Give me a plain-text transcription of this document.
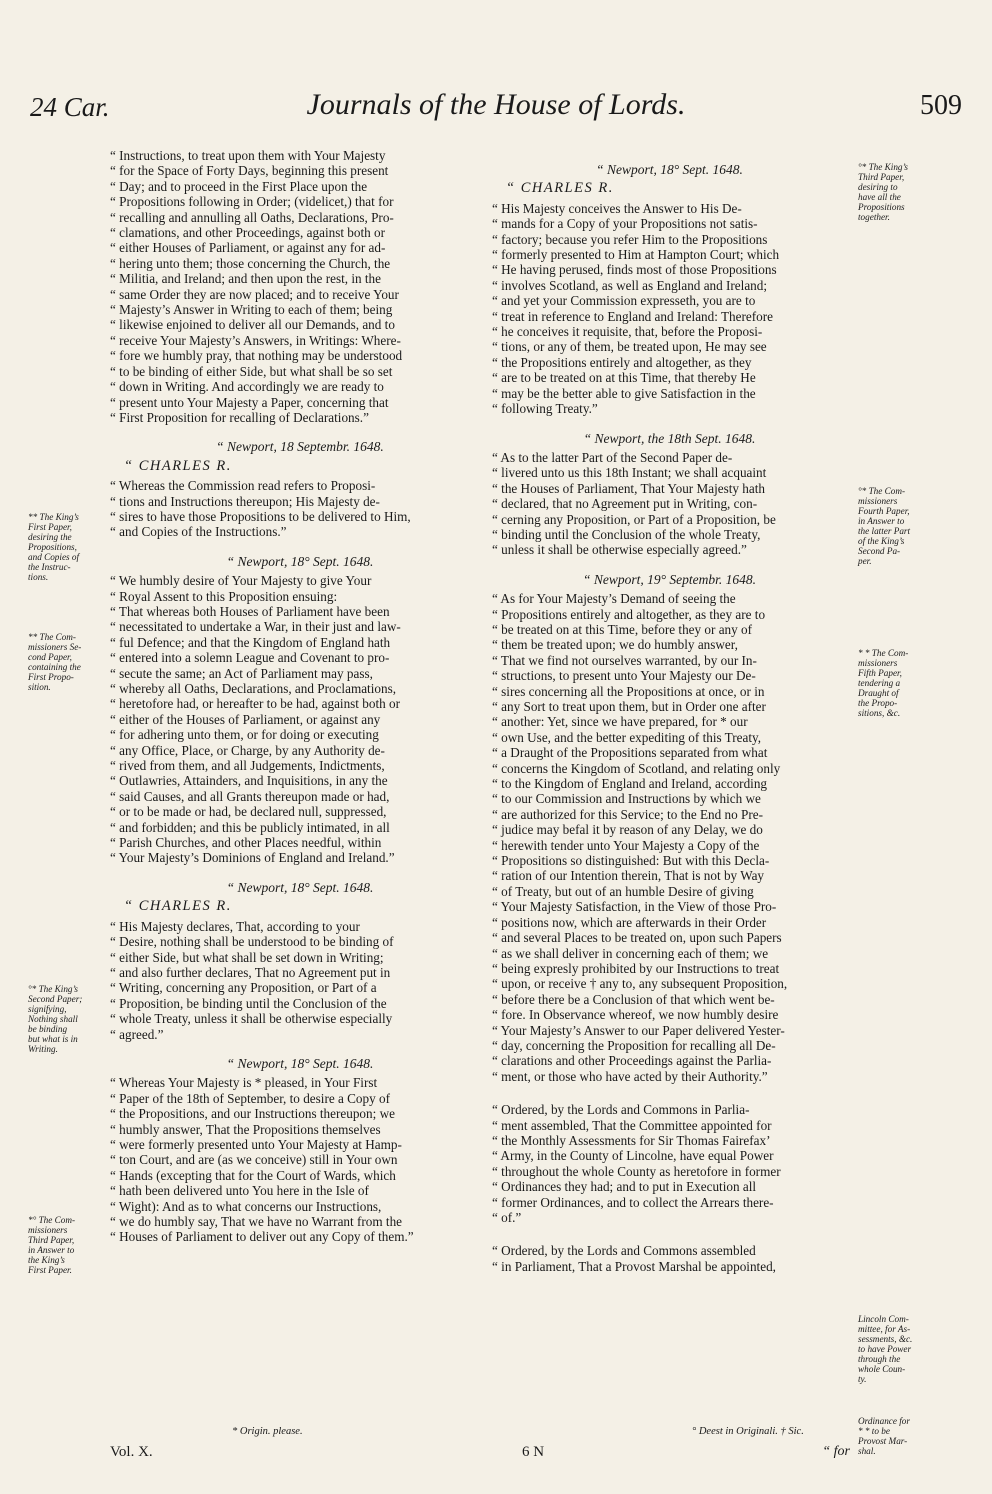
24 Car.	Journals of the House of Lords.	509
“ Instructions, to treat upon them with Your Majesty
“ for the Space of Forty Days, beginning this present
“ Day; and to proceed in the First Place upon the
“ Propositions following in Order; (videlicet,) that for
“ recalling and annulling all Oaths, Declarations, Pro-
“ clamations, and other Proceedings, against both or
“ either Houses of Parliament, or against any for ad-
“ hering unto them; those concerning the Church, the
“ Militia, and Ireland; and then upon the rest, in the
“ same Order they are now placed; and to receive Your
“ Majesty’s Answer in Writing to each of them; being
“ likewise enjoined to deliver all our Demands, and to
“ receive Your Majesty’s Answers, in Writings: Where-
“ fore we humbly pray, that nothing may be understood
“ to be binding of either Side, but what shall be so set
“ down in Writing. And accordingly we are ready to
“ present unto Your Majesty a Paper, concerning that
“ First Proposition for recalling of Declarations.”
“ Newport, 18 Septembr. 1648.
“ CHARLES R.
“ Whereas the Commission read refers to Proposi-
“ tions and Instructions thereupon; His Majesty de-
“ sires to have those Propositions to be delivered to Him,
“ and Copies of the Instructions.”
“ Newport, 18° Sept. 1648.
“ We humbly desire of Your Majesty to give Your
“ Royal Assent to this Proposition ensuing:
“ That whereas both Houses of Parliament have been
“ necessitated to undertake a War, in their just and law-
“ ful Defence; and that the Kingdom of England hath
“ entered into a solemn League and Covenant to pro-
“ secute the same; an Act of Parliament may pass,
“ whereby all Oaths, Declarations, and Proclamations,
“ heretofore had, or hereafter to be had, against both or
“ either of the Houses of Parliament, or against any
“ for adhering unto them, or for doing or executing
“ any Office, Place, or Charge, by any Authority de-
“ rived from them, and all Judgements, Indictments,
“ Outlawries, Attainders, and Inquisitions, in any the
“ said Causes, and all Grants thereupon made or had,
“ or to be made or had, be declared null, suppressed,
“ and forbidden; and this be publicly intimated, in all
“ Parish Churches, and other Places needful, within
“ Your Majesty’s Dominions of England and Ireland.”
“ Newport, 18° Sept. 1648.
“ CHARLES R.
“ His Majesty declares, That, according to your
“ Desire, nothing shall be understood to be binding of
“ either Side, but what shall be set down in Writing;
“ and also further declares, That no Agreement put in
“ Writing, concerning any Proposition, or Part of a
“ Proposition, be binding until the Conclusion of the
“ whole Treaty, unless it shall be otherwise especially
“ agreed.”
“ Newport, 18° Sept. 1648.
“ Whereas Your Majesty is * pleased, in Your First
“ Paper of the 18th of September, to desire a Copy of
“ the Propositions, and our Instructions thereupon; we
“ humbly answer, That the Propositions themselves
“ were formerly presented unto Your Majesty at Hamp-
“ ton Court, and are (as we conceive) still in Your own
“ Hands (excepting that for the Court of Wards, which
“ hath been delivered unto You here in the Isle of
“ Wight): And as to what concerns our Instructions,
“ we do humbly say, That we have no Warrant from the
“ Houses of Parliament to deliver out any Copy of them.”
“ Newport, 18° Sept. 1648.
“ CHARLES R.
“ His Majesty conceives the Answer to His De-
“ mands for a Copy of your Propositions not satis-
“ factory; because you refer Him to the Propositions
“ formerly presented to Him at Hampton Court; which
“ He having perused, finds most of those Propositions
“ involves Scotland, as well as England and Ireland;
“ and yet your Commission expresseth, you are to
“ treat in reference to England and Ireland: Therefore
“ he conceives it requisite, that, before the Proposi-
“ tions, or any of them, be treated upon, He may see
“ the Propositions entirely and altogether, as they
“ are to be treated on at this Time, that thereby He
“ may be the better able to give Satisfaction in the
“ following Treaty.”
“ Newport, the 18th Sept. 1648.
“ As to the latter Part of the Second Paper de-
“ livered unto us this 18th Instant; we shall acquaint
“ the Houses of Parliament, That Your Majesty hath
“ declared, that no Agreement put in Writing, con-
“ cerning any Proposition, or Part of a Proposition, be
“ binding until the Conclusion of the whole Treaty,
“ unless it shall be otherwise especially agreed.”
“ Newport, 19° Septembr. 1648.
“ As for Your Majesty’s Demand of seeing the
“ Propositions entirely and altogether, as they are to
“ be treated on at this Time, before they or any of
“ them be treated upon; we do humbly answer,
“ That we find not ourselves warranted, by our In-
“ structions, to present unto Your Majesty our De-
“ sires concerning all the Propositions at once, or in
“ any Sort to treat upon them, but in Order one after
“ another: Yet, since we have prepared, for * our
“ own Use, and the better expediting of this Treaty,
“ a Draught of the Propositions separated from what
“ concerns the Kingdom of Scotland, and relating only
“ to the Kingdom of England and Ireland, according
“ to our Commission and Instructions by which we
“ are authorized for this Service; to the End no Pre-
“ judice may befal it by reason of any Delay, we do
“ herewith tender unto Your Majesty a Copy of the
“ Propositions so distinguished: But with this Decla-
“ ration of our Intention therein, That is not by Way
“ of Treaty, but out of an humble Desire of giving
“ Your Majesty Satisfaction, in the View of those Pro-
“ positions now, which are afterwards in their Order
“ and several Places to be treated on, upon such Papers
“ as we shall deliver in concerning each of them; we
“ being expresly prohibited by our Instructions to treat
“ upon, or receive † any to, any subsequent Proposition,
“ before there be a Conclusion of that which went be-
“ fore. In Observance whereof, we now humbly desire
“ Your Majesty’s Answer to our Paper delivered Yester-
“ day, concerning the Proposition for recalling all De-
“ clarations and other Proceedings against the Parlia-
“ ment, or those who have acted by their Authority.”
“ Ordered, by the Lords and Commons in Parlia-
“ ment assembled, That the Committee appointed for
“ the Monthly Assessments for Sir Thomas Fairefax’
“ Army, in the County of Lincolne, have equal Power
“ throughout the whole County as heretofore in former
“ Ordinances they had; and to put in Execution all
“ former Ordinances, and to collect the Arrears there-
“ of.”
“ Ordered, by the Lords and Commons assembled
“ in Parliament, That a Provost Marshal be appointed,
** The King’s
First Paper,
desiring the
Propositions,
and Copies of
the Instruc-
tions.
** The Com-
missioners Se-
cond Paper,
containing the
First Propo-
sition.
°* The King’s
Second Paper;
signifying,
Nothing shall
be binding
but what is in
Writing.
*° The Com-
missioners
Third Paper,
in Answer to
the King’s
First Paper.
°* The King’s
Third Paper,
desiring to
have all the
Propositions
together.
°* The Com-
missioners
Fourth Paper,
in Answer to
the latter Part
of the King’s
Second Pa-
per.
* * The Com-
missioners
Fifth Paper,
tendering a
Draught of
the Propo-
sitions, &c.
Lincoln Com-
mittee, for As-
sessments, &c.
to have Power
through the
whole Coun-
ty.
Ordinance for
* * to be
Provost Mar-
shal.
Vol. X.
* Origin. please.	° Deest in Originali. † Sic.
6 N	“ for
